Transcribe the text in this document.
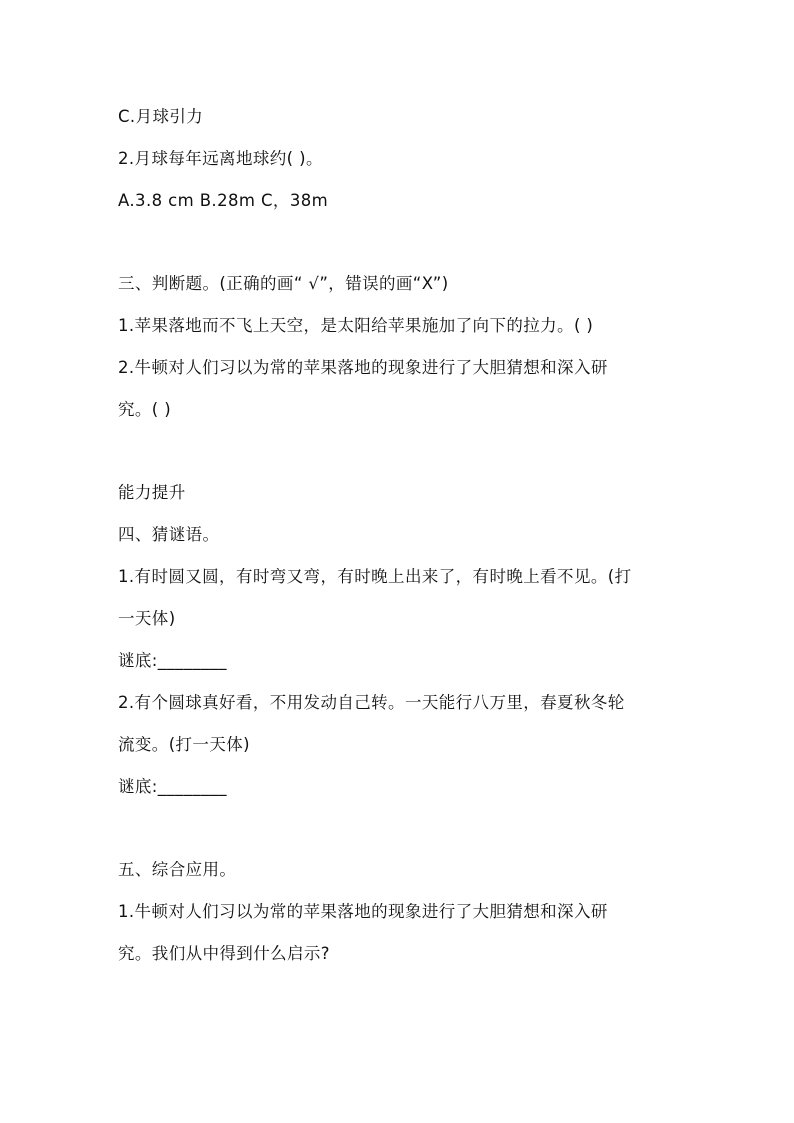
C.月球引力
2.月球每年远离地球约( )。
A.3.8 cm B.28m C，38m
三、判断题。(正确的画“ √”，错误的画“X”)
1.苹果落地而不飞上天空，是太阳给苹果施加了向下的拉力。( )
2.牛顿对人们习以为常的苹果落地的现象进行了大胆猜想和深入研
究。( )
能力提升
四、猜谜语。
1.有时圆又圆，有时弯又弯，有时晚上出来了，有时晚上看不见。(打
一天体)
谜底:________
2.有个圆球真好看，不用发动自己转。一天能行八万里，春夏秋冬轮
流变。(打一天体)
谜底:________
五、综合应用。
1.牛顿对人们习以为常的苹果落地的现象进行了大胆猜想和深入研
究。我们从中得到什么启示?
